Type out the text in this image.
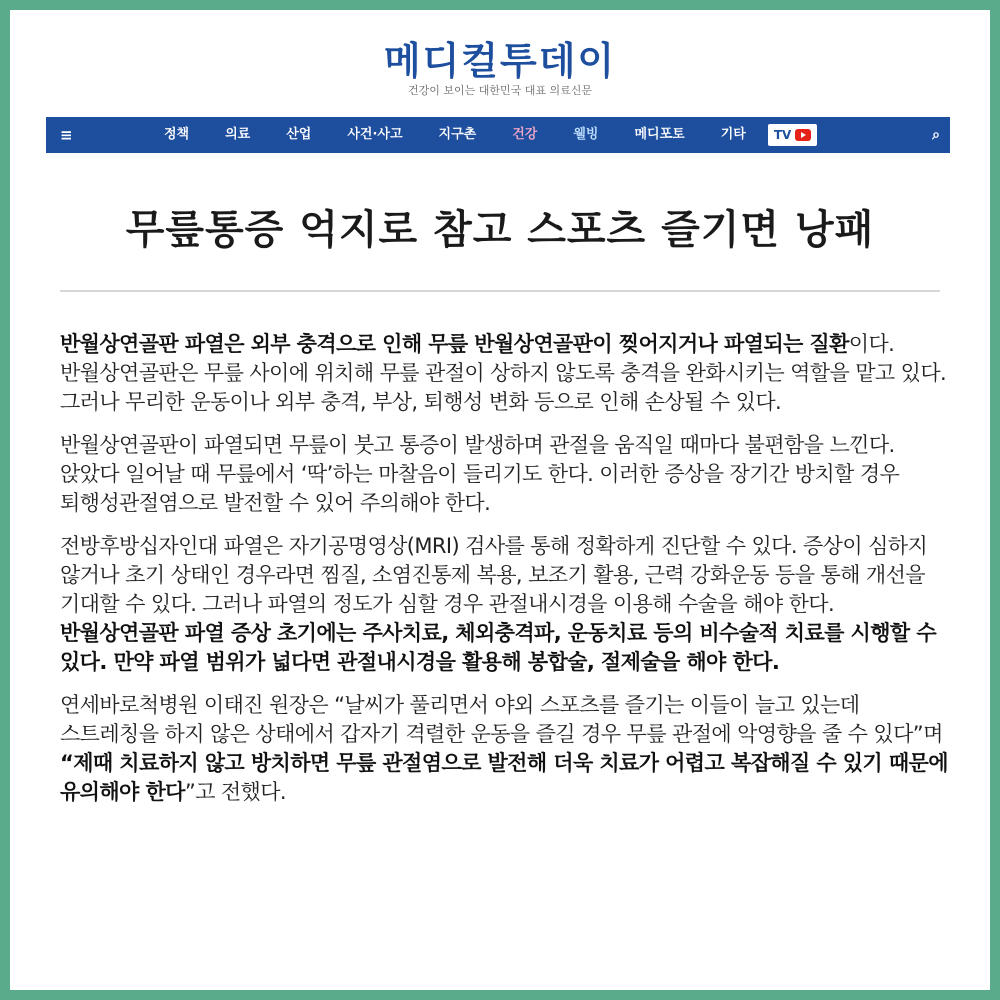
메디컬투데이
건강이 보이는 대한민국 대표 의료신문
≡	정책	의료	산업	사건·사고	지구촌	건강	웰빙	메디포토	기타 TV	⌕
무릎통증 억지로 참고 스포츠 즐기면 낭패

반월상연골판 파열은 외부 충격으로 인해 무릎 반월상연골판이 찢어지거나 파열되는 질환이다. 반월상연골판은 무릎 사이에 위치해 무릎 관절이 상하지 않도록 충격을 완화시키는 역할을 맡고 있다. 그러나 무리한 운동이나 외부 충격, 부상, 퇴행성 변화 등으로 인해 손상될 수 있다.

반월상연골판이 파열되면 무릎이 붓고 통증이 발생하며 관절을 움직일 때마다 불편함을 느낀다. 앉았다 일어날 때 무릎에서 ‘딱’하는 마찰음이 들리기도 한다. 이러한 증상을 장기간 방치할 경우 퇴행성관절염으로 발전할 수 있어 주의해야 한다.

전방후방십자인대 파열은 자기공명영상(MRI) 검사를 통해 정확하게 진단할 수 있다. 증상이 심하지 않거나 초기 상태인 경우라면 찜질, 소염진통제 복용, 보조기 활용, 근력 강화운동 등을 통해 개선을 기대할 수 있다. 그러나 파열의 정도가 심할 경우 관절내시경을 이용해 수술을 해야 한다. 반월상연골판 파열 증상 초기에는 주사치료, 체외충격파, 운동치료 등의 비수술적 치료를 시행할 수 있다. 만약 파열 범위가 넓다면 관절내시경을 활용해 봉합술, 절제술을 해야 한다.

연세바로척병원 이태진 원장은 “날씨가 풀리면서 야외 스포츠를 즐기는 이들이 늘고 있는데 스트레칭을 하지 않은 상태에서 갑자기 격렬한 운동을 즐길 경우 무릎 관절에 악영향을 줄 수 있다”며 “제때 치료하지 않고 방치하면 무릎 관절염으로 발전해 더욱 치료가 어렵고 복잡해질 수 있기 때문에 유의해야 한다”고 전했다.
